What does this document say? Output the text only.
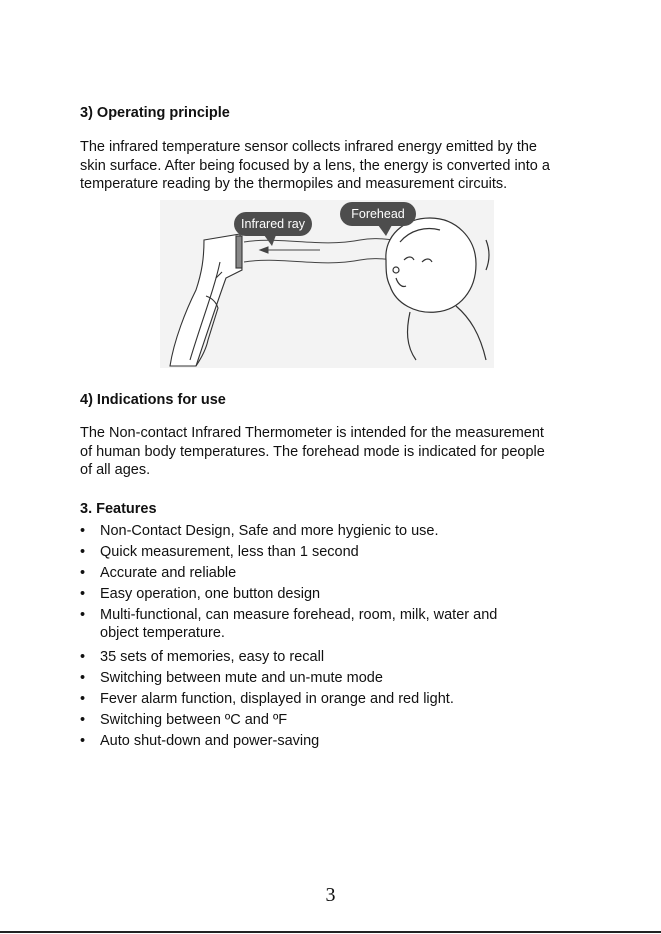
3) Operating principle

The infrared temperature sensor collects infrared energy emitted by the
skin surface. After being focused by a lens, the energy is converted into a
temperature reading by the thermopiles and measurement circuits.

Infrared ray
Forehead
4) Indications for use

The Non-contact Infrared Thermometer is intended for the measurement
of human body temperatures. The forehead mode is indicated for people
of all ages.

3. Features
• Non-Contact Design, Safe and more hygienic to use.
• Quick measurement, less than 1 second
• Accurate and reliable
• Easy operation, one button design
• Multi-functional, can measure forehead, room, milk, water and
object temperature.
• 35 sets of memories, easy to recall
• Switching between mute and un-mute mode
• Fever alarm function, displayed in orange and red light.
• Switching between ºC and ºF
• Auto shut-down and power-saving
3
